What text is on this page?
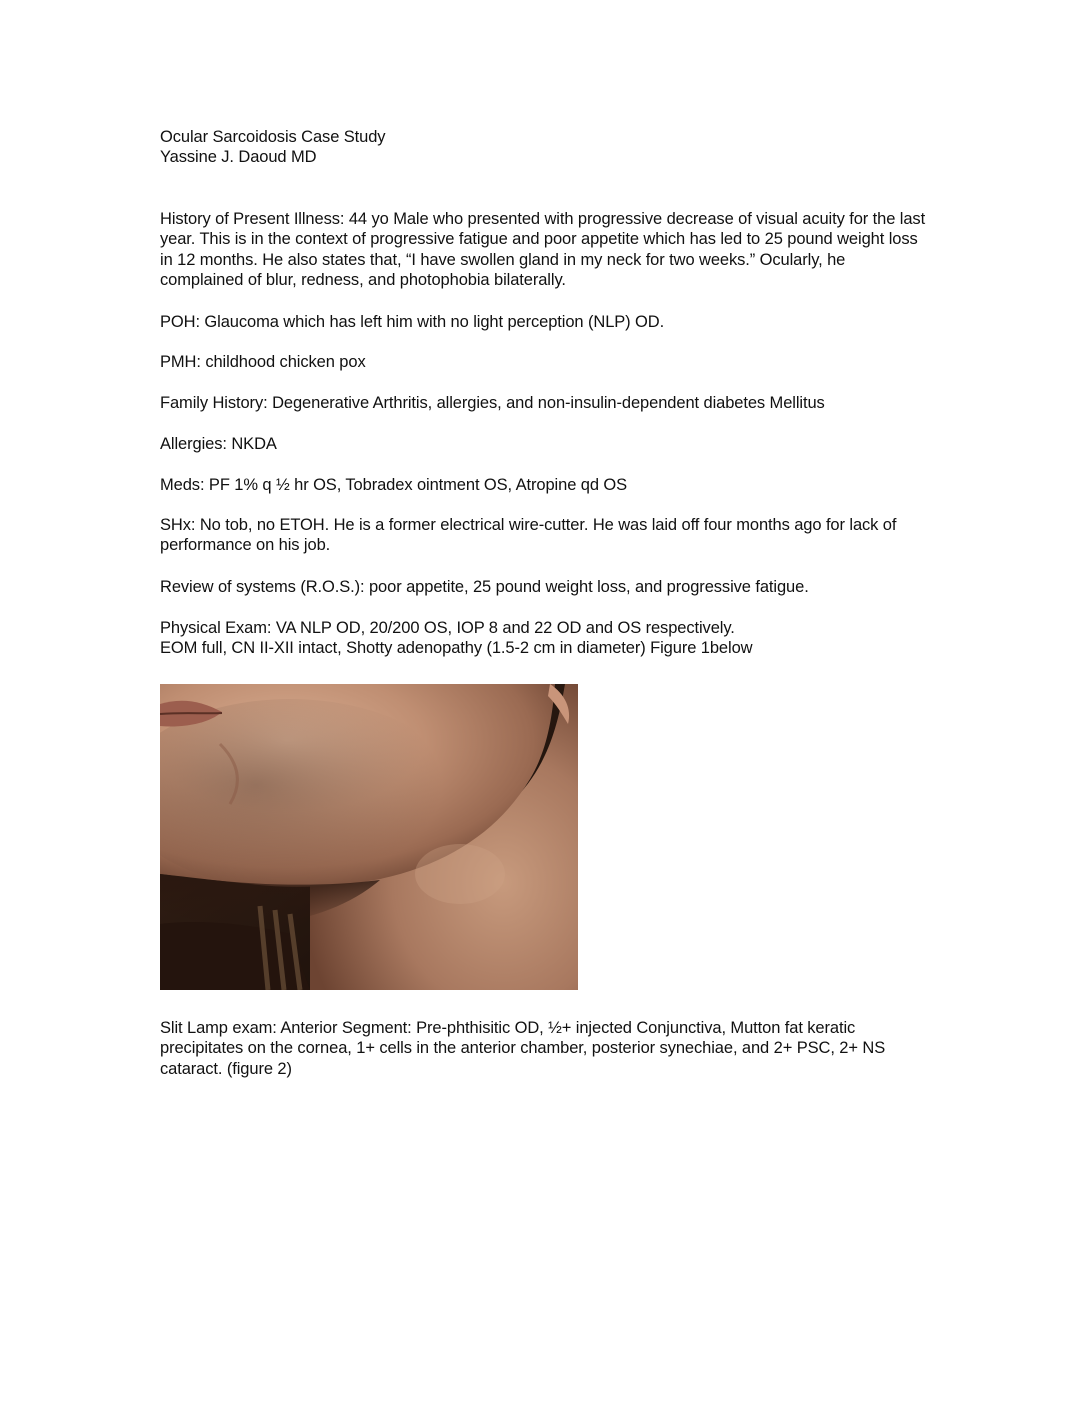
Ocular Sarcoidosis Case Study

Yassine J. Daoud MD

History of Present Illness: 44 yo Male who presented with progressive decrease of visual acuity for the last year. This is in the context of progressive fatigue and poor appetite which has led to 25 pound weight loss in 12 months. He also states that, “I have swollen gland in my neck for two weeks.” Ocularly, he complained of blur, redness, and photophobia bilaterally.

POH: Glaucoma which has left him with no light perception (NLP) OD.

PMH: childhood chicken pox

Family History: Degenerative Arthritis, allergies, and non-insulin-dependent diabetes Mellitus

Allergies: NKDA

Meds: PF 1% q ½ hr OS, Tobradex ointment OS, Atropine qd OS

SHx: No tob, no ETOH. He is a former electrical wire-cutter. He was laid off four months ago for lack of performance on his job.

Review of systems (R.O.S.): poor appetite, 25 pound weight loss, and progressive fatigue.

Physical Exam: VA NLP OD, 20/200 OS, IOP 8 and 22 OD and OS respectively.

EOM full, CN II-XII intact, Shotty adenopathy (1.5-2 cm in diameter) Figure 1below

Slit Lamp exam: Anterior Segment: Pre-phthisitic OD, ½+ injected Conjunctiva, Mutton fat keratic precipitates on the cornea, 1+ cells in the anterior chamber, posterior synechiae, and 2+ PSC, 2+ NS cataract. (figure 2)
